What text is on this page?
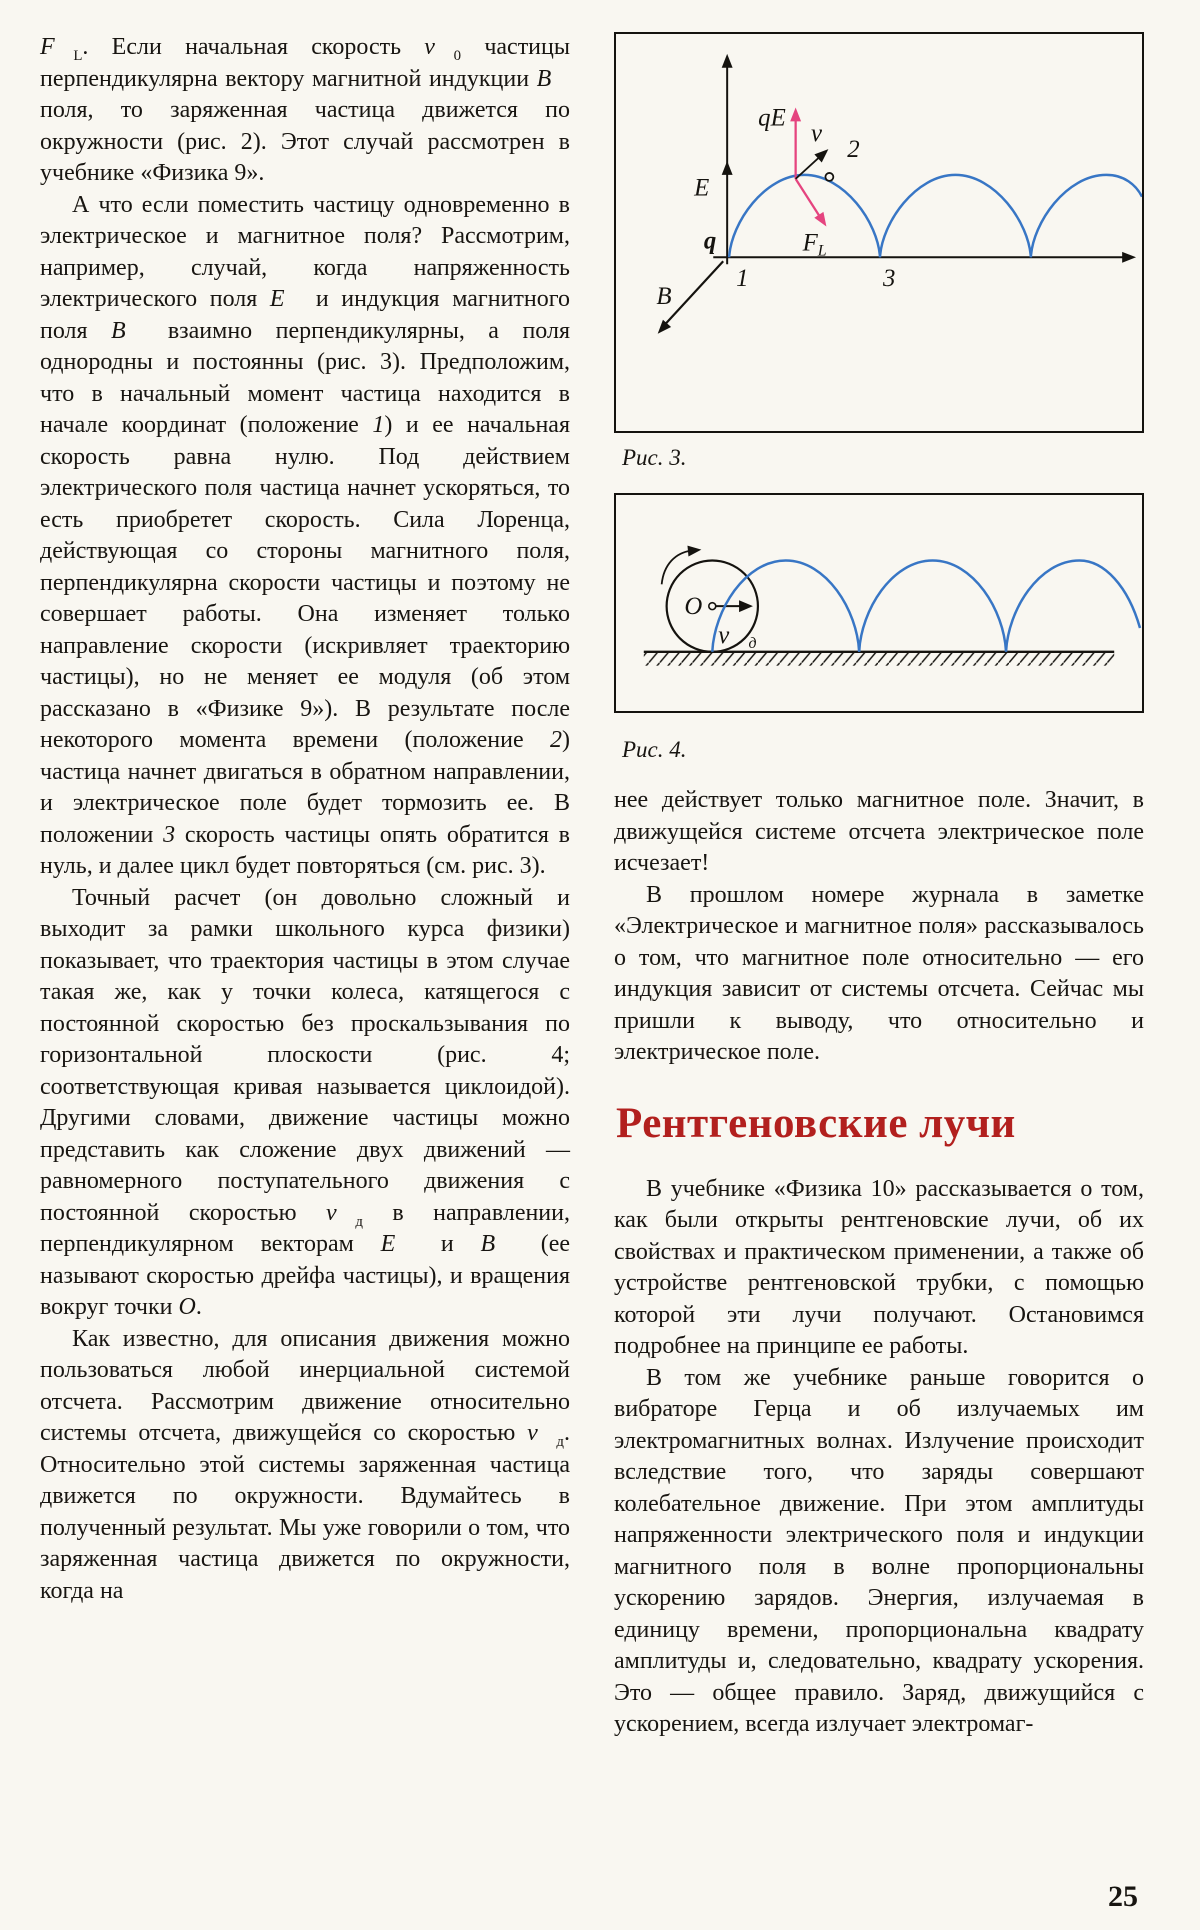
$F⃗_L$. Если начальная скорость $v⃗_0$ частицы перпендикулярна вектору магнитной индукции B⃗ поля, то заряженная частица движется по окружности (рис. 2). Этот случай рассмотрен в учебнике «Физика 9».

А что если поместить частицу одновременно в электрическое и магнитное поля? Рассмотрим, например, случай, когда напряженность электрического поля E⃗ и индукция магнитного поля B⃗ взаимно перпендикулярны, а поля однородны и постоянны (рис. 3). Предположим, что в начальный момент частица находится в начале координат (положение 1) и ее начальная скорость равна нулю. Под действием электрического поля частица начнет ускоряться, то есть приобретет скорость. Сила Лоренца, действующая со стороны магнитного поля, перпендикулярна скорости частицы и поэтому не совершает работы. Она изменяет только направление скорости (искривляет траекторию частицы), но не меняет ее модуля (об этом рассказано в «Физике 9»). В результате после некоторого момента времени (положение 2) частица начнет двигаться в обратном направлении, и электрическое поле будет тормозить ее. В положении 3 скорость частицы опять обратится в нуль, и далее цикл будет повторяться (см. рис. 3).

Точный расчет (он довольно сложный и выходит за рамки школьного курса физики) показывает, что траектория частицы в этом случае такая же, как у точки колеса, катящегося с постоянной скоростью без проскальзывания по горизонтальной плоскости (рис. 4; соответствующая кривая называется циклоидой). Другими словами, движение частицы можно представить как сложение двух движений — равномерного поступательного движения с постоянной скоростью $v⃗_д$ в направлении, перпендикулярном векторам E⃗ и B⃗ (ее называют скоростью дрейфа частицы), и вращения вокруг точки O.

Как известно, для описания движения можно пользоваться любой инерциальной системой отсчета. Рассмотрим движение относительно системы отсчета, движущейся со скоростью $v⃗_д$. Относительно этой системы заряженная частица движется по окружности. Вдумайтесь в полученный результат. Мы уже говорили о том, что заряженная частица движется по окружности, когда на

E
q
B
qE
v
2
$F_L$
1	3
Рис. 3.
O
$v⃗_д$
Рис. 4.

нее действует только магнитное поле. Значит, в движущейся системе отсчета электрическое поле исчезает!

В прошлом номере журнала в заметке «Электрическое и магнитное поля» рассказывалось о том, что магнитное поле относительно — его индукция зависит от системы отсчета. Сейчас мы пришли к выводу, что относительно и электрическое поле.

Рентгеновские лучи

В учебнике «Физика 10» рассказывается о том, как были открыты рентгеновские лучи, об их свойствах и практическом применении, а также об устройстве рентгеновской трубки, с помощью которой эти лучи получают. Остановимся подробнее на принципе ее работы.

В том же учебнике раньше говорится о вибраторе Герца и об излучаемых им электромагнитных волнах. Излучение происходит вследствие того, что заряды совершают колебательное движение. При этом амплитуды напряженности электрического поля и индукции магнитного поля в волне пропорциональны ускорению зарядов. Энергия, излучаемая в единицу времени, пропорциональна квадрату амплитуды и, следовательно, квадрату ускорения. Это — общее правило. Заряд, движущийся с ускорением, всегда излучает электромаг-

25
